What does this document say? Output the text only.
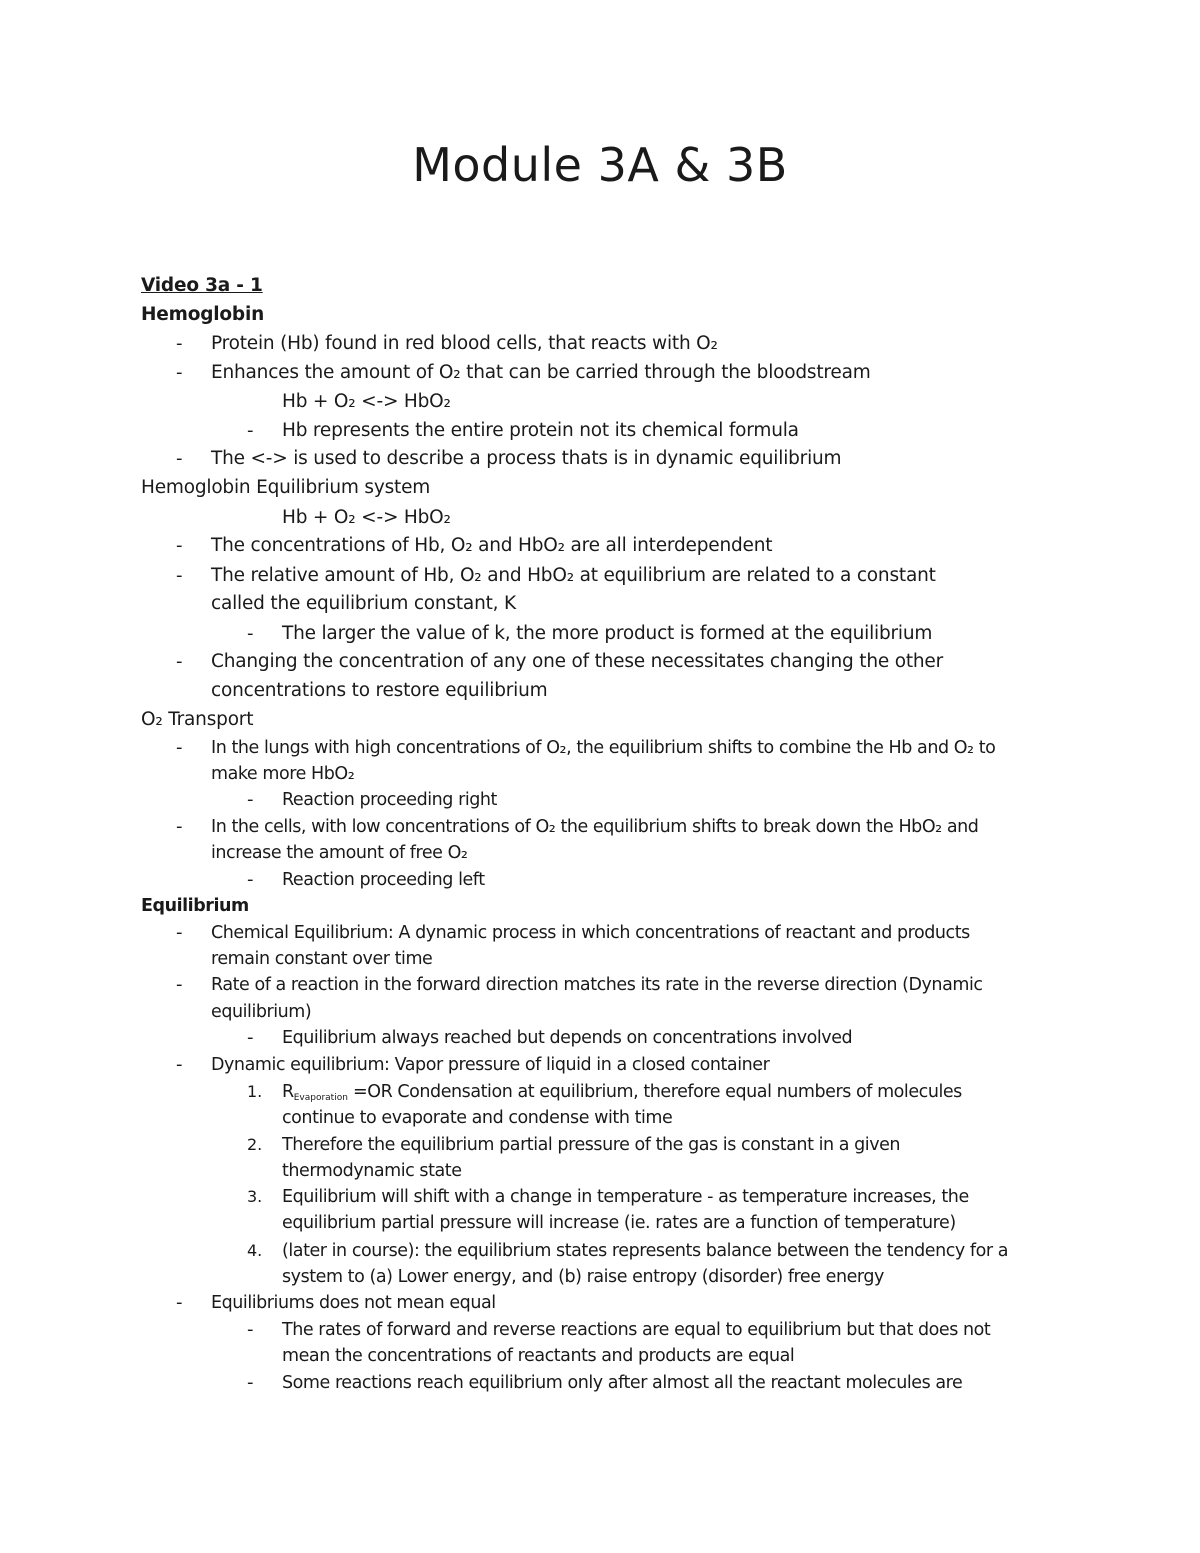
Module 3A & 3B
Video 3a - 1
Hemoglobin
- Protein (Hb) found in red blood cells, that reacts with O₂
- Enhances the amount of O₂ that can be carried through the bloodstream
Hb + O₂ <-> HbO₂
- Hb represents the entire protein not its chemical formula
- The <-> is used to describe a process thats is in dynamic equilibrium
Hemoglobin Equilibrium system
Hb + O₂ <-> HbO₂
- The concentrations of Hb, O₂ and HbO₂ are all interdependent
- The relative amount of Hb, O₂ and HbO₂ at equilibrium are related to a constant
called the equilibrium constant, K
- The larger the value of k, the more product is formed at the equilibrium
- Changing the concentration of any one of these necessitates changing the other
concentrations to restore equilibrium
O₂ Transport
- In the lungs with high concentrations of O₂, the equilibrium shifts to combine the Hb and O₂ to
make more HbO₂
- Reaction proceeding right
- In the cells, with low concentrations of O₂ the equilibrium shifts to break down the HbO₂ and
increase the amount of free O₂
- Reaction proceeding left
Equilibrium
- Chemical Equilibrium: A dynamic process in which concentrations of reactant and products
remain constant over time
- Rate of a reaction in the forward direction matches its rate in the reverse direction (Dynamic
equilibrium)
- Equilibrium always reached but depends on concentrations involved
- Dynamic equilibrium: Vapor pressure of liquid in a closed container
1. $R_{Evaporation} =OR$ Condensation at equilibrium, therefore equal numbers of molecules
continue to evaporate and condense with time
2. Therefore the equilibrium partial pressure of the gas is constant in a given
thermodynamic state
3. Equilibrium will shift with a change in temperature - as temperature increases, the
equilibrium partial pressure will increase (ie. rates are a function of temperature)
4. (later in course): the equilibrium states represents balance between the tendency for a
system to (a) Lower energy, and (b) raise entropy (disorder) free energy
- Equilibriums does not mean equal
- The rates of forward and reverse reactions are equal to equilibrium but that does not
mean the concentrations of reactants and products are equal
- Some reactions reach equilibrium only after almost all the reactant molecules are
